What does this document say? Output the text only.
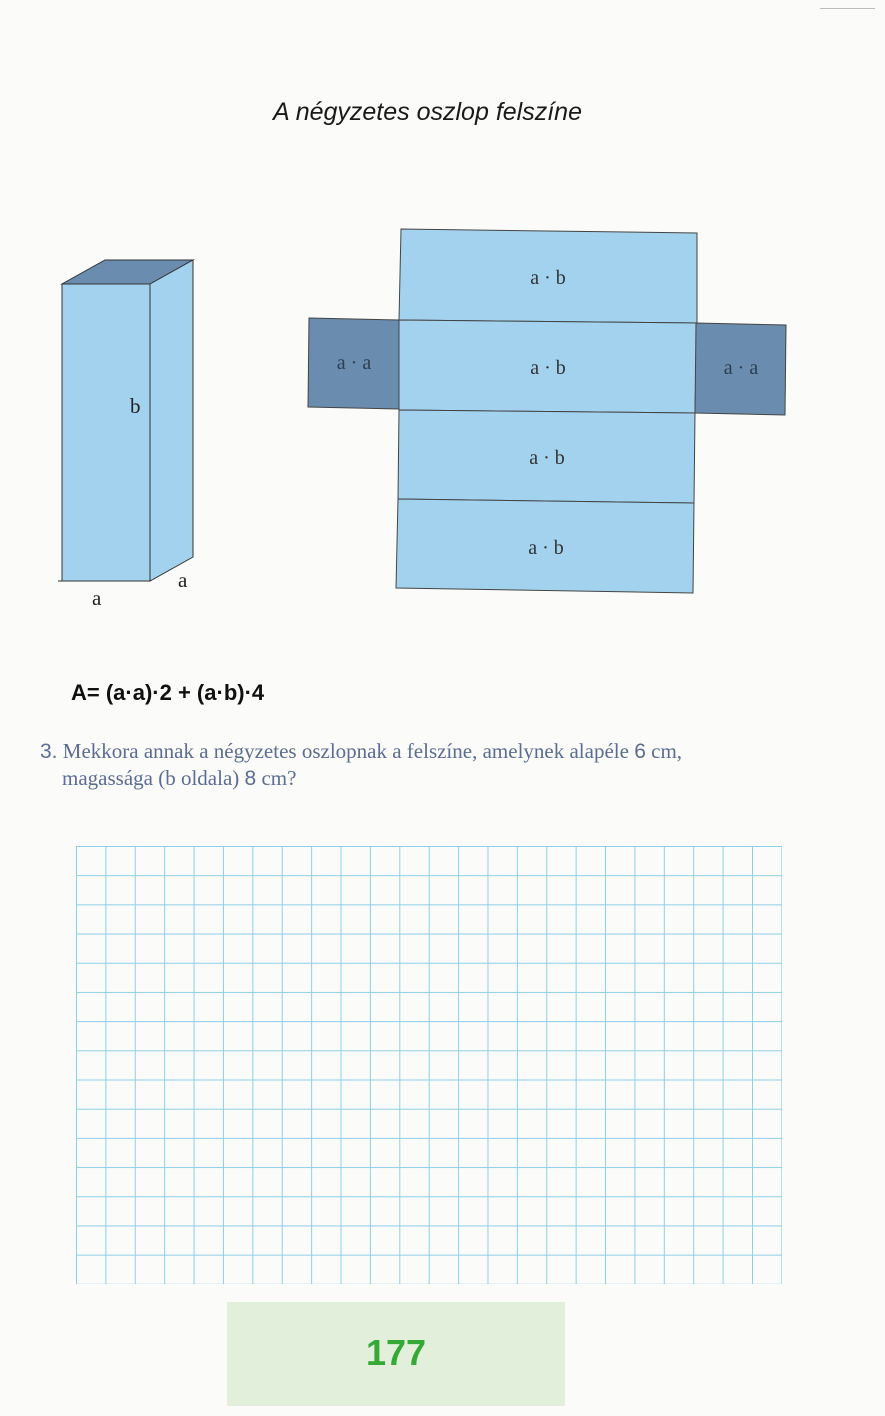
A négyzetes oszlop felszíne
b
a
a
a · b
a · b
a · b
a · b
a · a	a · a
A= (a·a)·2 + (a·b)·4
3. Mekkora annak a négyzetes oszlopnak a felszíne, amelynek alapéle 6 cm,
magassága (b oldala) 8 cm?
177
